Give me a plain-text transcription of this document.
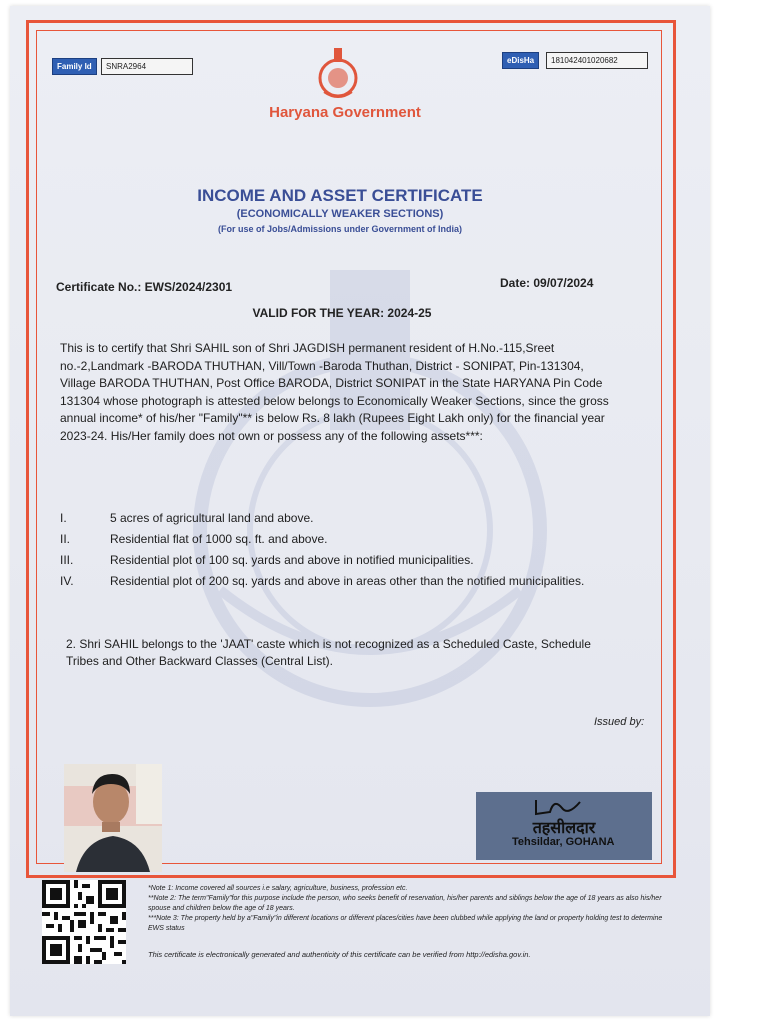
Family Id	SNRA2964
eDisHa	181042401020682
Haryana Government
INCOME AND ASSET CERTIFICATE
(ECONOMICALLY WEAKER SECTIONS)
(For use of Jobs/Admissions under Government of India)
Certificate No.: EWS/2024/2301	Date: 09/07/2024
VALID FOR THE YEAR: 2024-25
This is to certify that Shri SAHIL son of Shri JAGDISH permanent resident of H.No.-115,Sreet no.-2,Landmark -BARODA THUTHAN, Vill/Town -Baroda Thuthan, District - SONIPAT, Pin-131304, Village BARODA THUTHAN, Post Office BARODA, District SONIPAT in the State HARYANA Pin Code 131304 whose photograph is attested below belongs to Economically Weaker Sections, since the gross annual income* of his/her "Family"** is below Rs. 8 lakh (Rupees Eight Lakh only) for the financial year 2023-24. His/Her family does not own or possess any of the following assets***:
I.	5 acres of agricultural land and above.
II.	Residential flat of 1000 sq. ft. and above.
III.	Residential plot of 100 sq. yards and above in notified municipalities.
IV.	Residential plot of 200 sq. yards and above in areas other than the notified municipalities.
2. Shri SAHIL belongs to the 'JAAT' caste which is not recognized as a Scheduled Caste, Schedule Tribes and Other Backward Classes (Central List).
Issued by:
तहसीलदार
Tehsildar, GOHANA
*Note 1: Income covered all sources i.e salary, agriculture, business, profession etc.
**Note 2: The term"Family"for this purpose include the person, who seeks benefit of reservation, his/her parents and siblings below the age of 18 years as also his/her spouse and children below the age of 18 years.
***Note 3: The property held by a"Family"in different locations or different places/cities have been clubbed while applying the land or property holding test to determine EWS status
This certificate is electronically generated and authenticity of this certificate can be verified from http://edisha.gov.in.
